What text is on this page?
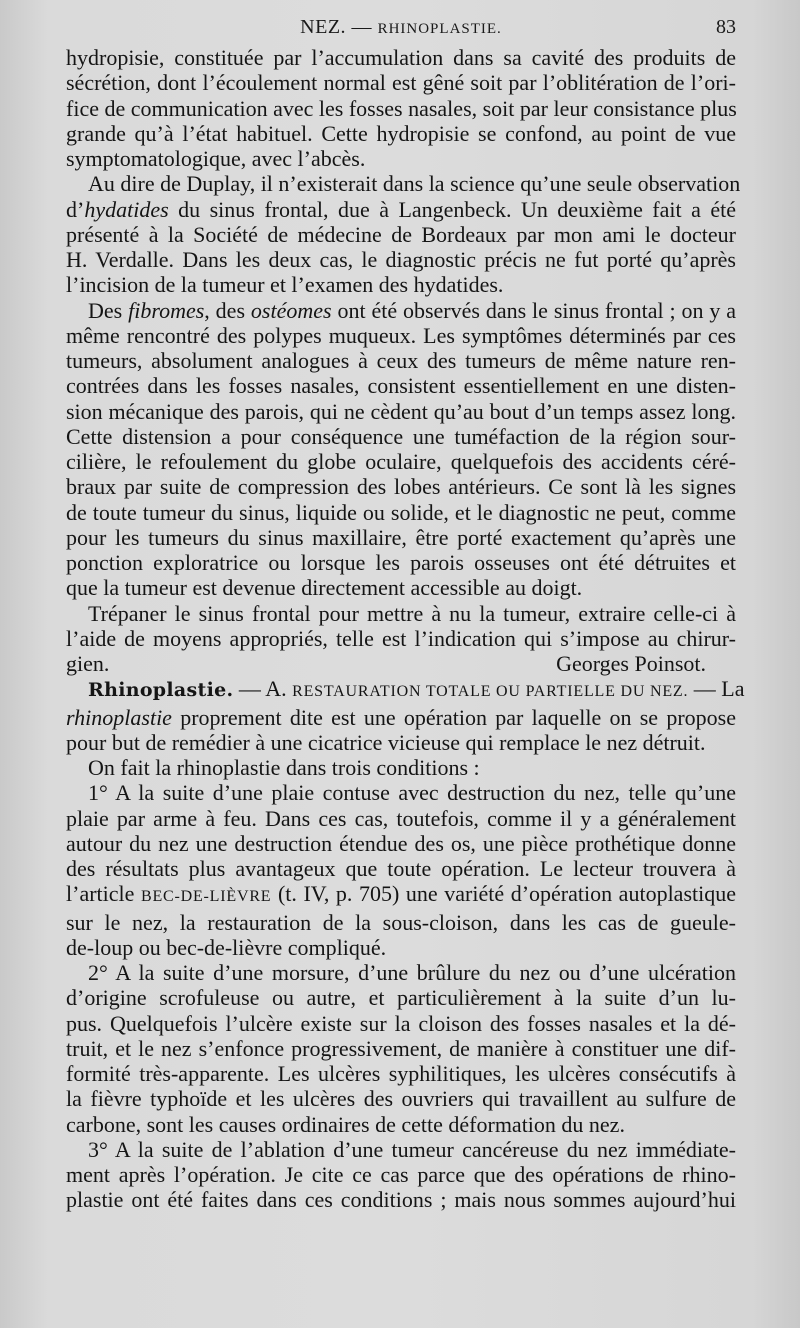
NEZ. — RHINOPLASTIE.	83

hydropisie, constituée par l’accumulation dans sa cavité des produits de
sécrétion, dont l’écoulement normal est gêné soit par l’oblitération de l’ori-
fice de communication avec les fosses nasales, soit par leur consistance plus
grande qu’à l’état habituel. Cette hydropisie se confond, au point de vue
symptomatologique, avec l’abcès.

Au dire de Duplay, il n’existerait dans la science qu’une seule observation
d’hydatides du sinus frontal, due à Langenbeck. Un deuxième fait a été
présenté à la Société de médecine de Bordeaux par mon ami le docteur
H. Verdalle. Dans les deux cas, le diagnostic précis ne fut porté qu’après
l’incision de la tumeur et l’examen des hydatides.

Des fibromes, des ostéomes ont été observés dans le sinus frontal ; on y a
même rencontré des polypes muqueux. Les symptômes déterminés par ces
tumeurs, absolument analogues à ceux des tumeurs de même nature ren-
contrées dans les fosses nasales, consistent essentiellement en une disten-
sion mécanique des parois, qui ne cèdent qu’au bout d’un temps assez long.
Cette distension a pour conséquence une tuméfaction de la région sour-
cilière, le refoulement du globe oculaire, quelquefois des accidents céré-
braux par suite de compression des lobes antérieurs. Ce sont là les signes
de toute tumeur du sinus, liquide ou solide, et le diagnostic ne peut, comme
pour les tumeurs du sinus maxillaire, être porté exactement qu’après une
ponction exploratrice ou lorsque les parois osseuses ont été détruites et
que la tumeur est devenue directement accessible au doigt.

Trépaner le sinus frontal pour mettre à nu la tumeur, extraire celle-ci à
l’aide de moyens appropriés, telle est l’indication qui s’impose au chirur-
gien.	Georges Poinsot.

Rhinoplastie. — A. RESTAURATION TOTALE OU PARTIELLE DU NEZ. — La
rhinoplastie proprement dite est une opération par laquelle on se propose
pour but de remédier à une cicatrice vicieuse qui remplace le nez détruit.
On fait la rhinoplastie dans trois conditions :

1° A la suite d’une plaie contuse avec destruction du nez, telle qu’une
plaie par arme à feu. Dans ces cas, toutefois, comme il y a généralement
autour du nez une destruction étendue des os, une pièce prothétique donne
des résultats plus avantageux que toute opération. Le lecteur trouvera à
l’article BEC-DE-LIÈVRE (t. IV, p. 705) une variété d’opération autoplastique
sur le nez, la restauration de la sous-cloison, dans les cas de gueule-
de-loup ou bec-de-lièvre compliqué.

2° A la suite d’une morsure, d’une brûlure du nez ou d’une ulcération
d’origine scrofuleuse ou autre, et particulièrement à la suite d’un lu-
pus. Quelquefois l’ulcère existe sur la cloison des fosses nasales et la dé-
truit, et le nez s’enfonce progressivement, de manière à constituer une dif-
formité très-apparente. Les ulcères syphilitiques, les ulcères consécutifs à
la fièvre typhoïde et les ulcères des ouvriers qui travaillent au sulfure de
carbone, sont les causes ordinaires de cette déformation du nez.

3° A la suite de l’ablation d’une tumeur cancéreuse du nez immédiate-
ment après l’opération. Je cite ce cas parce que des opérations de rhino-
plastie ont été faites dans ces conditions ; mais nous sommes aujourd’hui
